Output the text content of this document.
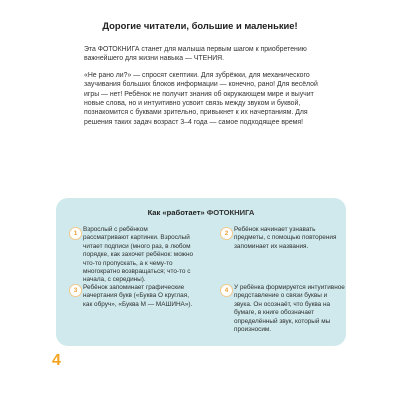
Дорогие читатели, большие и маленькие!

Эта ФОТОКНИГА станет для малыша первым шагом к приобретению важнейшего для жизни навыка — ЧТЕНИЯ.

«Не рано ли?» — спросят скептики. Для зубрёжки, для механического заучивания больших блоков информации — конечно, рано! Для весёлой игры — нет! Ребёнок не получит знания об окружающем мире и выучит новые слова, но и интуитивно усвоит связь между звуком и буквой, познакомится с буквами зрительно, привыкнет к их начертаниям. Для решения таких задач возраст 3–4 года — самое подходящее время!

Как «работает» ФОТОКНИГА
1
Взрослый с ребёнком рассматривают картинки. Взрослый читает подписи (много раз, в любом порядке, как захочет ребёнок: можно что-то пропускать, а к чему-то многократно возвращаться; что-то с начала, с середины).
2
Ребёнок начинает узнавать предметы, с помощью повторения запоминает их названия.
3 Ребёнок запоминает графические начертания букв («Буква О круглая, как обруч», «Буква М — МАШИНА»).
4 У ребёнка формируется интуитивное представление о связи буквы и звука. Он осознаёт, что буква на бумаге, в книге обозначает определённый звук, который мы произносим.
4
